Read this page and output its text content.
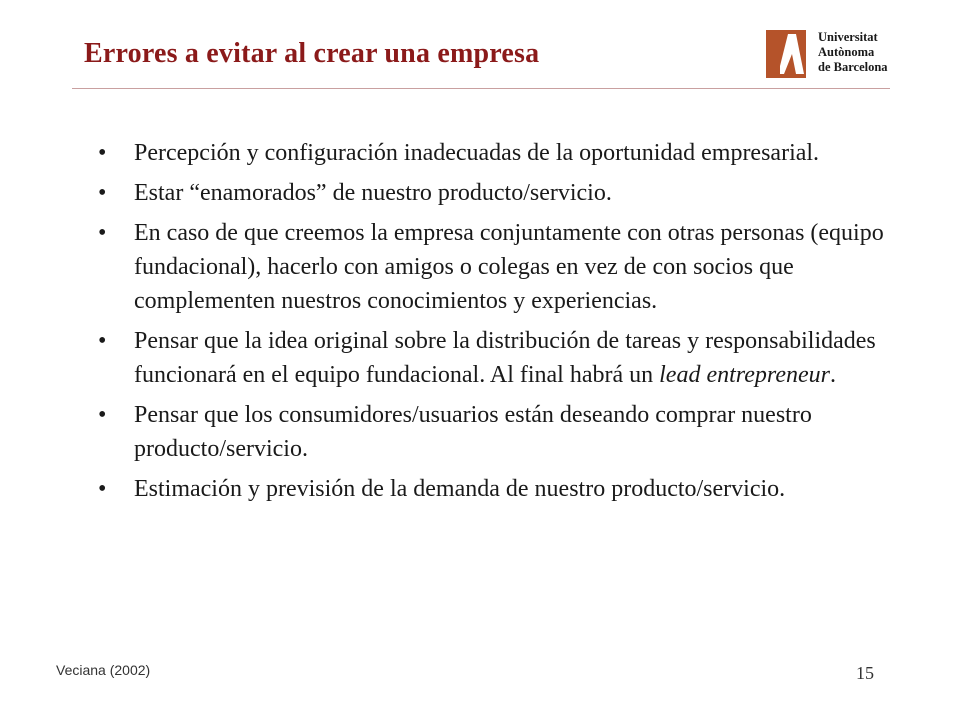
Errores a evitar al crear una empresa
Universitat
Autònoma
de Barcelona
• Percepción y configuración inadecuadas de la oportunidad empresarial.
• Estar “enamorados” de nuestro producto/servicio.
• En caso de que creemos la empresa conjuntamente con otras personas (equipo fundacional), hacerlo con amigos o colegas en vez de con socios que complementen nuestros conocimientos y experiencias.
• Pensar que la idea original sobre la distribución de tareas y responsabilidades funcionará en el equipo fundacional. Al final habrá un lead entrepreneur.
• Pensar que los consumidores/usuarios están deseando comprar nuestro producto/servicio.
• Estimación y previsión de la demanda de nuestro producto/servicio.
Veciana (2002)	15
